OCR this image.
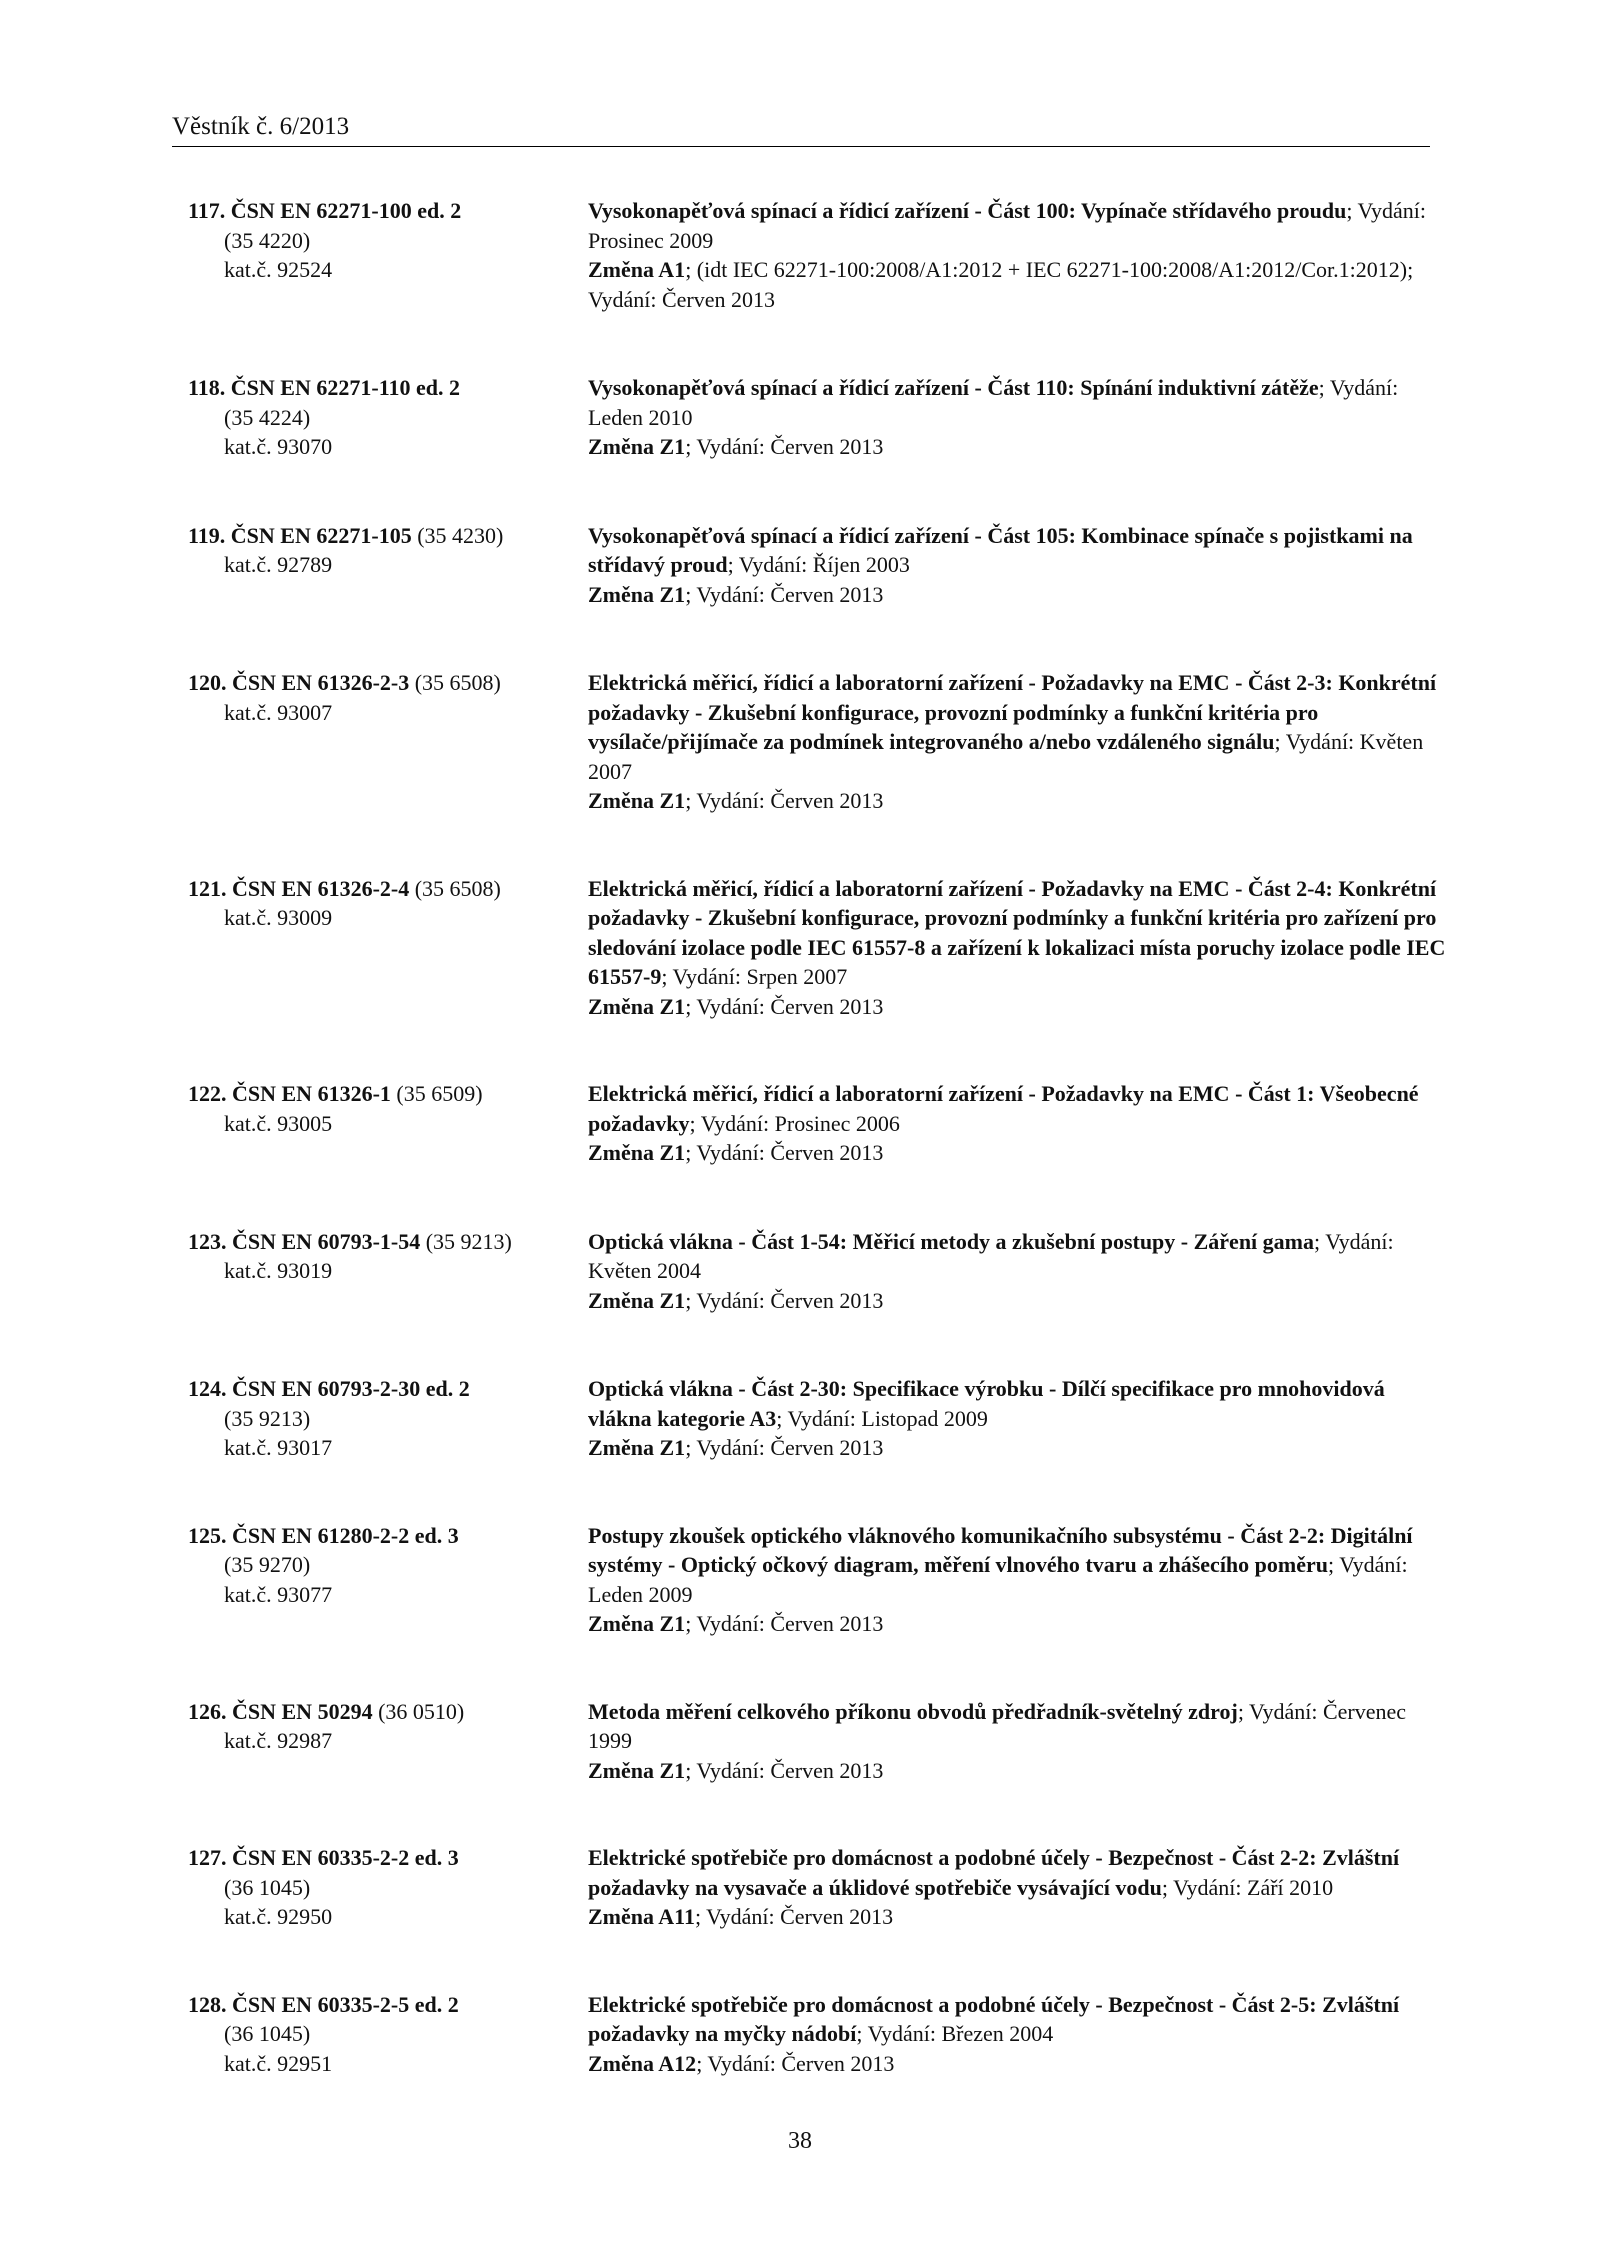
Věstník č. 6/2013
117. ČSN EN 62271-100 ed. 2
(35 4220)
kat.č. 92524
Vysokonapěťová spínací a řídicí zařízení - Část 100: Vypínače střídavého proudu; Vydání: Prosinec 2009
Změna A1; (idt IEC 62271-100:2008/A1:2012 + IEC 62271-100:2008/A1:2012/Cor.1:2012); Vydání: Červen 2013
118. ČSN EN 62271-110 ed. 2
(35 4224)
kat.č. 93070
Vysokonapěťová spínací a řídicí zařízení - Část 110: Spínání induktivní zátěže; Vydání: Leden 2010
Změna Z1; Vydání: Červen 2013
119. ČSN EN 62271-105 (35 4230)
kat.č. 92789
Vysokonapěťová spínací a řídicí zařízení - Část 105: Kombinace spínače s pojistkami na střídavý proud; Vydání: Říjen 2003
Změna Z1; Vydání: Červen 2013
120. ČSN EN 61326-2-3 (35 6508)
kat.č. 93007
Elektrická měřicí, řídicí a laboratorní zařízení - Požadavky na EMC - Část 2-3: Konkrétní požadavky - Zkušební konfigurace, provozní podmínky a funkční kritéria pro vysílače/přijímače za podmínek integrovaného a/nebo vzdáleného signálu; Vydání: Květen 2007
Změna Z1; Vydání: Červen 2013
121. ČSN EN 61326-2-4 (35 6508)
kat.č. 93009
Elektrická měřicí, řídicí a laboratorní zařízení - Požadavky na EMC - Část 2-4: Konkrétní požadavky - Zkušební konfigurace, provozní podmínky a funkční kritéria pro zařízení pro sledování izolace podle IEC 61557-8 a zařízení k lokalizaci místa poruchy izolace podle IEC 61557-9; Vydání: Srpen 2007
Změna Z1; Vydání: Červen 2013
122. ČSN EN 61326-1 (35 6509)
kat.č. 93005
Elektrická měřicí, řídicí a laboratorní zařízení - Požadavky na EMC - Část 1: Všeobecné požadavky; Vydání: Prosinec 2006
Změna Z1; Vydání: Červen 2013
123. ČSN EN 60793-1-54 (35 9213)
kat.č. 93019
Optická vlákna - Část 1-54: Měřicí metody a zkušební postupy - Záření gama; Vydání: Květen 2004
Změna Z1; Vydání: Červen 2013
124. ČSN EN 60793-2-30 ed. 2
(35 9213)
kat.č. 93017
Optická vlákna - Část 2-30: Specifikace výrobku - Dílčí specifikace pro mnohovidová vlákna kategorie A3; Vydání: Listopad 2009
Změna Z1; Vydání: Červen 2013
125. ČSN EN 61280-2-2 ed. 3
(35 9270)
kat.č. 93077
Postupy zkoušek optického vláknového komunikačního subsystému - Část 2-2: Digitální systémy - Optický očkový diagram, měření vlnového tvaru a zhášecího poměru; Vydání: Leden 2009
Změna Z1; Vydání: Červen 2013
126. ČSN EN 50294 (36 0510)
kat.č. 92987
Metoda měření celkového příkonu obvodů předřadník-světelný zdroj; Vydání: Červenec 1999
Změna Z1; Vydání: Červen 2013
127. ČSN EN 60335-2-2 ed. 3
(36 1045)
kat.č. 92950
Elektrické spotřebiče pro domácnost a podobné účely - Bezpečnost - Část 2-2: Zvláštní požadavky na vysavače a úklidové spotřebiče vysávající vodu; Vydání: Září 2010
Změna A11; Vydání: Červen 2013
128. ČSN EN 60335-2-5 ed. 2
(36 1045)
kat.č. 92951
Elektrické spotřebiče pro domácnost a podobné účely - Bezpečnost - Část 2-5: Zvláštní požadavky na myčky nádobí; Vydání: Březen 2004
Změna A12; Vydání: Červen 2013
38
